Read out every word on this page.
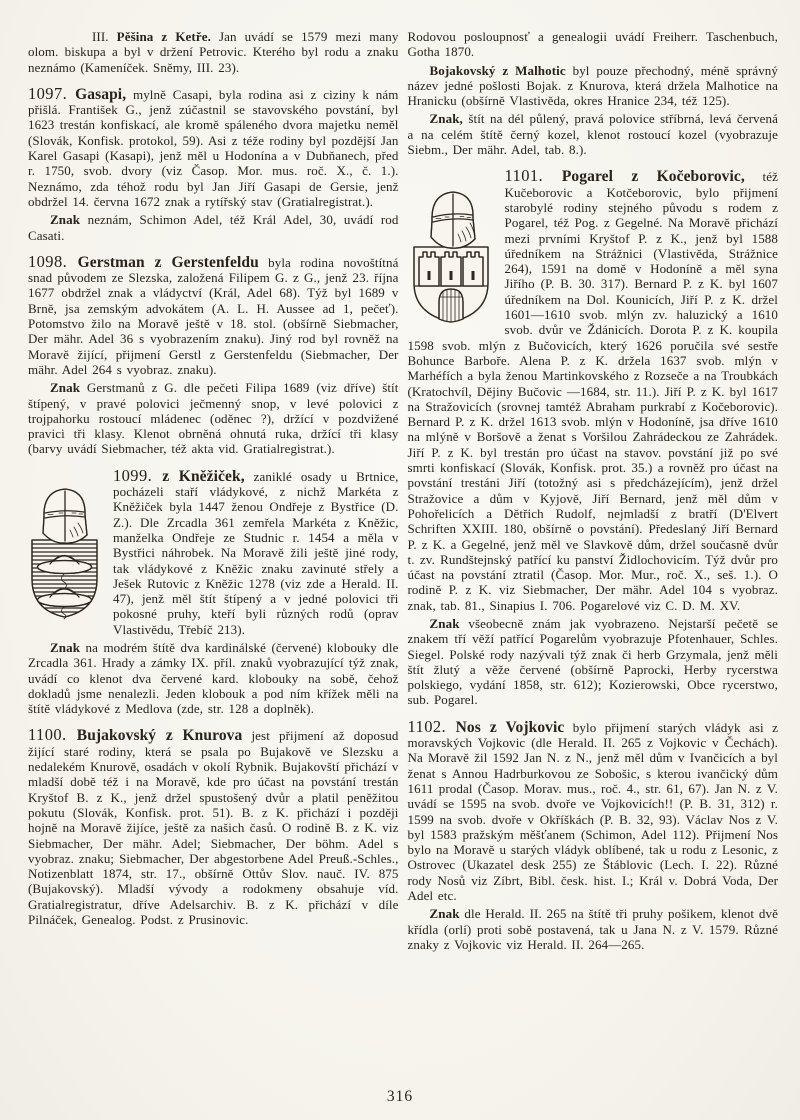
III. Pěšina z Ketře. Jan uvádí se 1579 mezi many olom. biskupa a byl v držení Petrovic. Kterého byl rodu a znaku neznámo (Kameníček. Sněmy, III. 23).

1097. Gasapi, mylně Casapi, byla rodina asi z ciziny k nám přišlá. František G., jenž zúčastnil se stavovského povstání, byl 1623 trestán konfiskací, ale kromě spáleného dvora majetku neměl (Slovák, Konfisk. protokol, 59). Asi z téže rodiny byl pozdější Jan Karel Gasapi (Kasapi), jenž měl u Hodonína a v Dubňanech, před r. 1750, svob. dvory (viz Časop. Mor. mus. roč. X., č. 1.). Neznámo, zda téhož rodu byl Jan Jiří Gasapi de Gersie, jenž obdržel 14. června 1672 znak a rytířský stav (Gratialregistrat.).

Znak neznám, Schimon Adel, též Král Adel, 30, uvádí rod Casati.

1098. Gerstman z Gerstenfeldu byla rodina novoštítná snad původem ze Slezska, založená Filipem G. z G., jenž 23. října 1677 obdržel znak a vládyctví (Král, Adel 68). Týž byl 1689 v Brně, jsa zemským advokátem (A. L. H. Aussee ad 1, pečeť). Potomstvo žilo na Moravě ještě v 18. stol. (obšírně Siebmacher, Der mähr. Adel 36 s vyobrazením znaku). Jiný rod byl rovněž na Moravě žijící, přijmení Gerstl z Gerstenfeldu (Siebmacher, Der mähr. Adel 264 s vyobraz. znaku).

Znak Gerstmanů z G. dle pečeti Filipa 1689 (viz dříve) štít štípený, v pravé polovici ječmenný snop, v levé polovici z trojpahorku rostoucí mládenec (oděnec ?), držící v pozdvižené pravici tři klasy. Klenot obrněná ohnutá ruka, držící tři klasy (barvy uvádí Siebmacher, též akta vid. Gratialregistrat.).

1099. z Kněžiček, zaniklé osady u Brtnice, pocházeli staří vládykové, z nichž Markéta z Kněžiček byla 1447 ženou Ondřeje z Bystřice (D. Z.). Dle Zrcadla 361 zemřela Markéta z Kněžic, manželka Ondřeje ze Studnic r. 1454 a měla v Bystřici náhrobek. Na Moravě žili ještě jiné rody, tak vládykové z Kněžic znaku zavinuté střely a Ješek Rutovic z Kněžic 1278 (viz zde a Herald. II. 47), jenž měl štít štípený a v jedné polovici tři pokosné pruhy, kteří byli různých rodů (oprav Vlastivědu, Třebíč 213).

Znak na modrém štítě dva kardinálské (červené) klobouky dle Zrcadla 361. Hrady a zámky IX. příl. znaků vyobrazující týž znak, uvádí co klenot dva červené kard. klobouky na sobě, čehož dokladů jsme nenalezli. Jeden klobouk a pod ním křížek měli na štítě vládykové z Medlova (zde, str. 128 a doplněk).

1100. Bujakovský z Knurova jest přijmení až doposud žijící staré rodiny, která se psala po Bujakově ve Slezsku a nedalekém Knurově, osadách v okolí Rybnik. Bujakovští přichází v mladší době též i na Moravě, kde pro účast na povstání trestán Kryštof B. z K., jenž držel spustošený dvůr a platil peněžitou pokutu (Slovák, Konfisk. prot. 51). B. z K. přichází i později hojně na Moravě žijíce, ještě za našich časů. O rodině B. z K. viz Siebmacher, Der mähr. Adel; Siebmacher, Der böhm. Adel s vyobraz. znaku; Siebmacher, Der abgestorbene Adel Preuß.-Schles., Notizenblatt 1874, str. 17., obšírně Ottův Slov. nauč. IV. 875 (Bujakovský). Mladší vývody a rodokmeny obsahuje víd. Gratialregistratur, dříve Adelsarchiv. B. z K. přichází v díle Pilnáček, Genealog. Podst. z Prusinovic.

Rodovou posloupnosť a genealogii uvádí Freiherr. Taschenbuch, Gotha 1870.

Bojakovský z Malhotic byl pouze přechodný, méně správný název jedné pošlosti Bojak. z Knurova, která držela Malhotice na Hranicku (obšírně Vlastivěda, okres Hranice 234, též 125).

Znak, štít na dél půlený, pravá polovice stříbrná, levá červená a na celém štítě černý kozel, klenot rostoucí kozel (vyobrazuje Siebm., Der mähr. Adel, tab. 8.).

1101. Pogarel z Kočeborovic, též Kučeborovic a Kotčeborovic, bylo přijmení starobylé rodiny stejného původu s rodem z Pogarel, též Pog. z Gegelné. Na Moravě přichází mezi prvními Kryštof P. z K., jenž byl 1588 úředníkem na Strážnici (Vlastivěda, Strážnice 264), 1591 na domě v Hodoníně a měl syna Jiřího (P. B. 30. 317). Bernard P. z K. byl 1607 úředníkem na Dol. Kounicích, Jiří P. z K. držel 1601—1610 svob. mlýn zv. haluzický a 1610 svob. dvůr ve Ždánicích. Dorota P. z K. koupila 1598 svob. mlýn z Bučovicích, který 1626 poručila své sestře Bohunce Barboře. Alena P. z K. držela 1637 svob. mlýn v Marhéfích a byla ženou Martinkovského z Rozseče a na Troubkách (Kratochvíl, Dějiny Bučovic —1684, str. 11.). Jiří P. z K. byl 1617 na Stražovicích (srovnej tamtéž Abraham purkrabí z Kočeborovic). Bernard P. z K. držel 1613 svob. mlýn v Hodoníně, jsa dříve 1610 na mlýně v Boršově a ženat s Voršilou Zahrádeckou ze Zahrádek. Jiří P. z K. byl trestán pro účast na stavov. povstání již po své smrti konfiskací (Slovák, Konfisk. prot. 35.) a rovněž pro účast na povstání trestáni Jiří (totožný asi s předcházejícím), jenž držel Stražovice a dům v Kyjově, Jiří Bernard, jenž měl dům v Pohořelicích a Dětřich Rudolf, nejmladší z bratří (D'Elvert Schriften XXIII. 180, obšírně o povstání). Předeslaný Jiří Bernard P. z K. a Gegelné, jenž měl ve Slavkově dům, držel současně dvůr t. zv. Rundštejnský patřící ku panství Židlochovicím. Týž dvůr pro účast na povstání ztratil (Časop. Mor. Mur., roč. X., seš. 1.). O rodině P. z K. viz Siebmacher, Der mähr. Adel 104 s vyobraz. znak, tab. 81., Sinapius I. 706. Pogarelové viz C. D. M. XV.

Znak všeobecně znám jak vyobrazeno. Nejstarší pečetě se znakem tří věží patřící Pogarelům vyobrazuje Pfotenhauer, Schles. Siegel. Polské rody nazývali týž znak či herb Grzymala, jenž měli štít žlutý a věže červené (obšírně Paprocki, Herby rycerstwa polskiego, vydání 1858, str. 612); Kozierowski, Obce rycerstwo, sub. Pogarel.

1102. Nos z Vojkovic bylo přijmení starých vládyk asi z moravských Vojkovic (dle Herald. II. 265 z Vojkovic v Čechách). Na Moravě žil 1592 Jan N. z N., jenž měl dům v Ivančicích a byl ženat s Annou Hadrburkovou ze Sobošic, s kterou ivančický dům 1611 prodal (Časop. Morav. mus., roč. 4., str. 61, 67). Jan N. z V. uvádí se 1595 na svob. dvoře ve Vojkovicích!! (P. B. 31, 312) r. 1599 na svob. dvoře v Okříškách (P. B. 32, 93). Václav Nos z V. byl 1583 pražským měšťanem (Schimon, Adel 112). Přijmení Nos bylo na Moravě u starých vládyk oblíbené, tak u rodu z Lesonic, z Ostrovec (Ukazatel desk 255) ze Štáblovic (Lech. I. 22). Různé rody Nosů viz Zíbrt, Bibl. česk. hist. I.; Král v. Dobrá Voda, Der Adel etc.

Znak dle Herald. II. 265 na štítě tři pruhy pošikem, klenot dvě křídla (orlí) proti sobě postavená, tak u Jana N. z V. 1579. Různé znaky z Vojkovic viz Herald. II. 264—265.

316
